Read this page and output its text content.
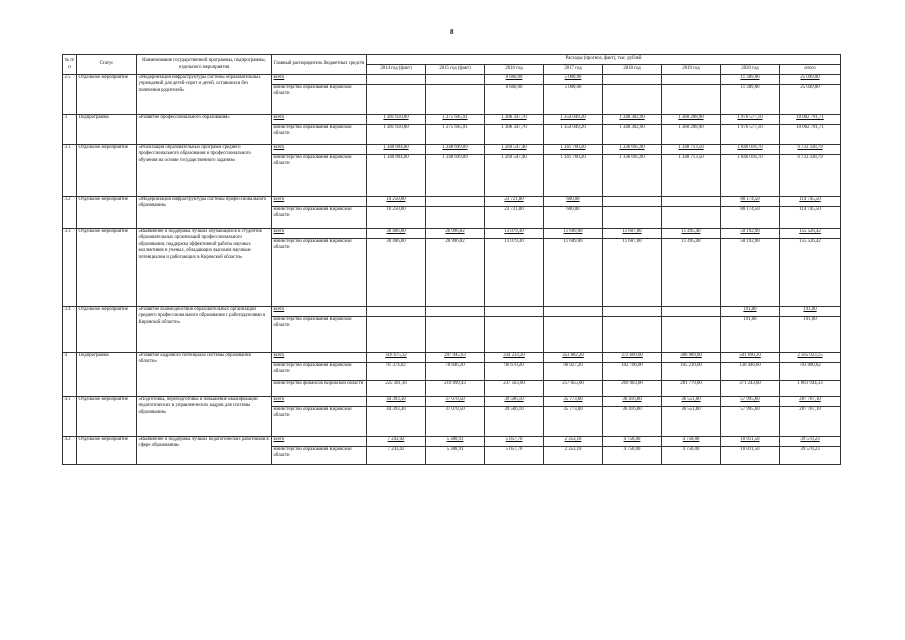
8
№ п/п	Статус	Наименование государственной программы, подпрограммы, отдельного мероприятия	Главный распорядитель бюджетных средств	Расходы (прогноз, факт), тыс. рублей							
				2014 год (факт)	2015 год (факт)	2016 год	2017 год	2018 год	2019 год	2020 год	итого
2.5	Отдельное мероприятие	«Модернизация инфраструктуры системы образовательных учреждений для детей-сирот и детей, оставшихся без попечения родителей»	всего			8 660,00	5 000,00			11 389,80	25 049,80
			министерство образования Кировской области			8 660,00	5 000,00			11 389,80	25 049,80
3	Подпрограмма	«Развитие профессионального образования»	всего	1 381 610,00	1 275 695,91	1 306 347,70	1 354 049,20	1 348 302,90	1 360 208,90	1 976 577,10	10 002 791,71
			министерство образования Кировской области	1 381 610,00	1 275 695,91	1 306 347,70	1 354 049,20	1 348 302,90	1 360 208,90	1 976 577,10	10 002 791,71
3.1	Отдельное мероприятие	«Реализация образовательных программ среднего профессионального образования и профессионального обучения на основе государственного задания»	всего	1 340 894,00	1 248 699,09	1 269 547,40	1 341 760,20	1 336 695,90	1 348 713,50	1 846 018,70	9 732 328,79
			министерство образования Кировской области	1 340 894,00	1 248 699,09	1 269 547,40	1 341 760,20	1 336 695,90	1 348 713,50	1 846 018,70	9 732 328,79
3.2	Отдельное мероприятие	«Модернизация инфраструктуры системы профессионального образования»	всего	10 250,00		23 721,00	600,00			80 174,50	114 745,50
			министерство образования Кировской области	10 250,00		23 721,00	600,00			80 174,50	114 745,50
3.3	Отдельное мероприятие	«Выявление и поддержка лучших обучающихся и студентов образовательных организаций профессионального образования, поддержка эффективной работы научных коллективов и ученых, обладающих высоким научным потенциалом и работающих в Кировской области»	всего	30 466,00	26 996,82	13 079,30	11 689,00	11 607,00	11 495,40	50 192,90	155 526,42
			министерство образования Кировской области	30 466,00	26 996,82	13 079,30	11 689,00	11 607,00	11 495,40	50 192,90	155 526,42
3.4	Отдельное мероприятие	«Развитие взаимодействия образовательных организаций среднего профессионального образования с работодателями в Кировской области»	всего							191,00	191,00
			министерство образования Кировской области							191,00	191,00
4	Подпрограмма	«Развитие кадрового потенциала системы образования области»	всего	316 675,32	297 945,63	334 233,20	353 882,20	372 609,00	386 989,00	501 690,20	2 565 023,15
			министерство образования Кировской области	91 374,02	78 846,20	96 670,20	96 827,20	102 706,00	105 210,00	130 446,60	703 080,82
			министерство финансов Кировской области	225 301,30	219 099,43	237 563,00	257 055,00	269 903,00	281 779,00	371 243,60	1 861 944,33
4.1	Отдельное мероприятие	«Подготовка, переподготовка и повышение квалификации педагогических и управленческих кадров для системы образования»	всего	44 393,30	37 070,50	39 506,10	35 773,00	36 416,80	36 551,80	57 995,60	287 707,10
			министерство образования Кировской области	44 393,30	37 070,50	39 506,10	35 773,00	36 416,80	36 551,80	57 995,60	287 707,10
4.2	Отдельное мероприятие	«Выявление и поддержка лучших педагогических работников в сфере образования»	всего	7 243,02	5 388,91	5 057,70	2 353,10	4 758,00	4 758,00	10 011,50	39 570,23
			министерство образования Кировской области	7 243,02	5 388,91	5 057,70	2 353,10	4 758,00	4 758,00	10 011,50	39 570,23
